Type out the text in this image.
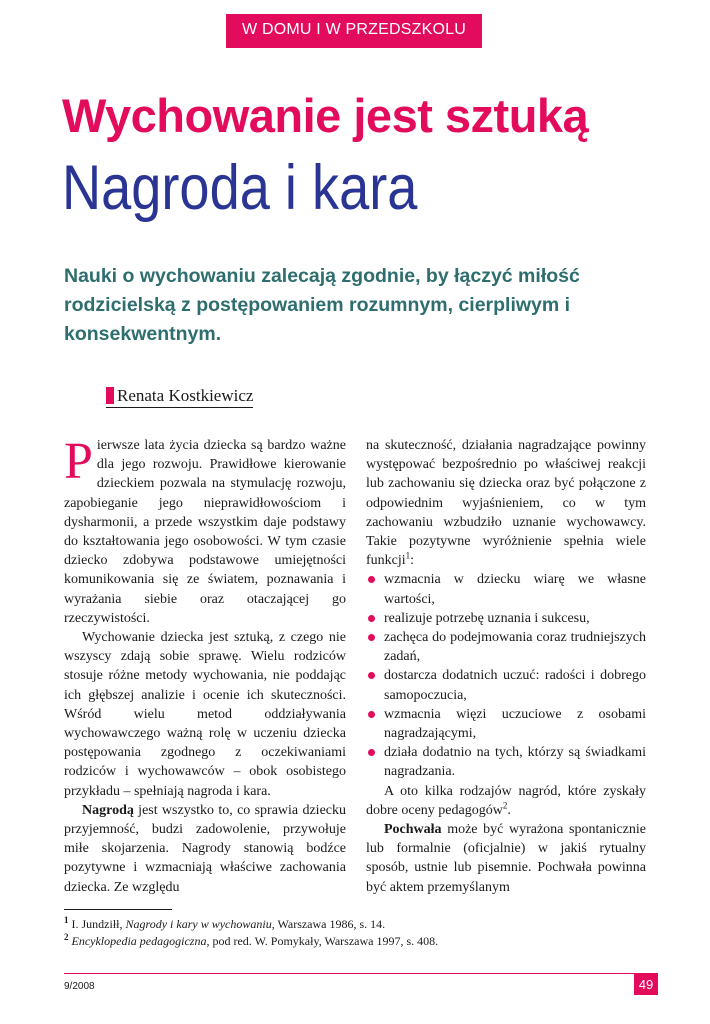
W DOMU I W PRZEDSZKOLU
Wychowanie jest sztuką
Nagroda i kara
Nauki o wychowaniu zalecają zgodnie, by łączyć miłość rodzicielską z postępowaniem rozumnym, cierpliwym i konsekwentnym.
Renata Kostkiewicz

Pierwsze lata życia dziecka są bardzo ważne dla jego rozwoju. Prawidłowe kierowanie dzieckiem pozwala na stymulację rozwoju, zapobieganie jego nieprawidłowościom i dysharmonii, a przede wszystkim daje podstawy do kształtowania jego osobowości. W tym czasie dziecko zdobywa podstawowe umiejętności komunikowania się ze światem, poznawania i wyrażania siebie oraz otaczającej go rzeczywistości.

Wychowanie dziecka jest sztuką, z czego nie wszyscy zdają sobie sprawę. Wielu rodziców stosuje różne metody wychowania, nie poddając ich głębszej analizie i ocenie ich skuteczności. Wśród wielu metod oddziaływania wychowawczego ważną rolę w uczeniu dziecka postępowania zgodnego z oczekiwaniami rodziców i wychowawców – obok osobistego przykładu – spełniają nagroda i kara.

Nagrodą jest wszystko to, co sprawia dziecku przyjemność, budzi zadowolenie, przywołuje miłe skojarzenia. Nagrody stanowią bodźce pozytywne i wzmacniają właściwe zachowania dziecka. Ze względu

na skuteczność, działania nagradzające powinny występować bezpośrednio po właściwej reakcji lub zachowaniu się dziecka oraz być połączone z odpowiednim wyjaśnieniem, co w tym zachowaniu wzbudziło uznanie wychowawcy. Takie pozytywne wyróżnienie spełnia wiele funkcji$^1$:

wzmacnia w dziecku wiarę we własne wartości,
realizuje potrzebę uznania i sukcesu,
zachęca do podejmowania coraz trudniejszych zadań,
dostarcza dodatnich uczuć: radości i dobrego samopoczucia,
wzmacnia więzi uczuciowe z osobami nagradzającymi,
działa dodatnio na tych, którzy są świadkami nagradzania.

A oto kilka rodzajów nagród, które zyskały dobre oceny pedagogów$^2$.

Pochwała może być wyrażona spontanicznie lub formalnie (oficjalnie) w jakiś rytualny sposób, ustnie lub pisemnie. Pochwała powinna być aktem przemyślanym

$^1$ I. Jundziłł, Nagrody i kary w wychowaniu, Warszawa 1986, s. 14.

$^2$ Encyklopedia pedagogiczna, pod red. W. Pomykały, Warszawa 1997, s. 408.

9/2008	49
